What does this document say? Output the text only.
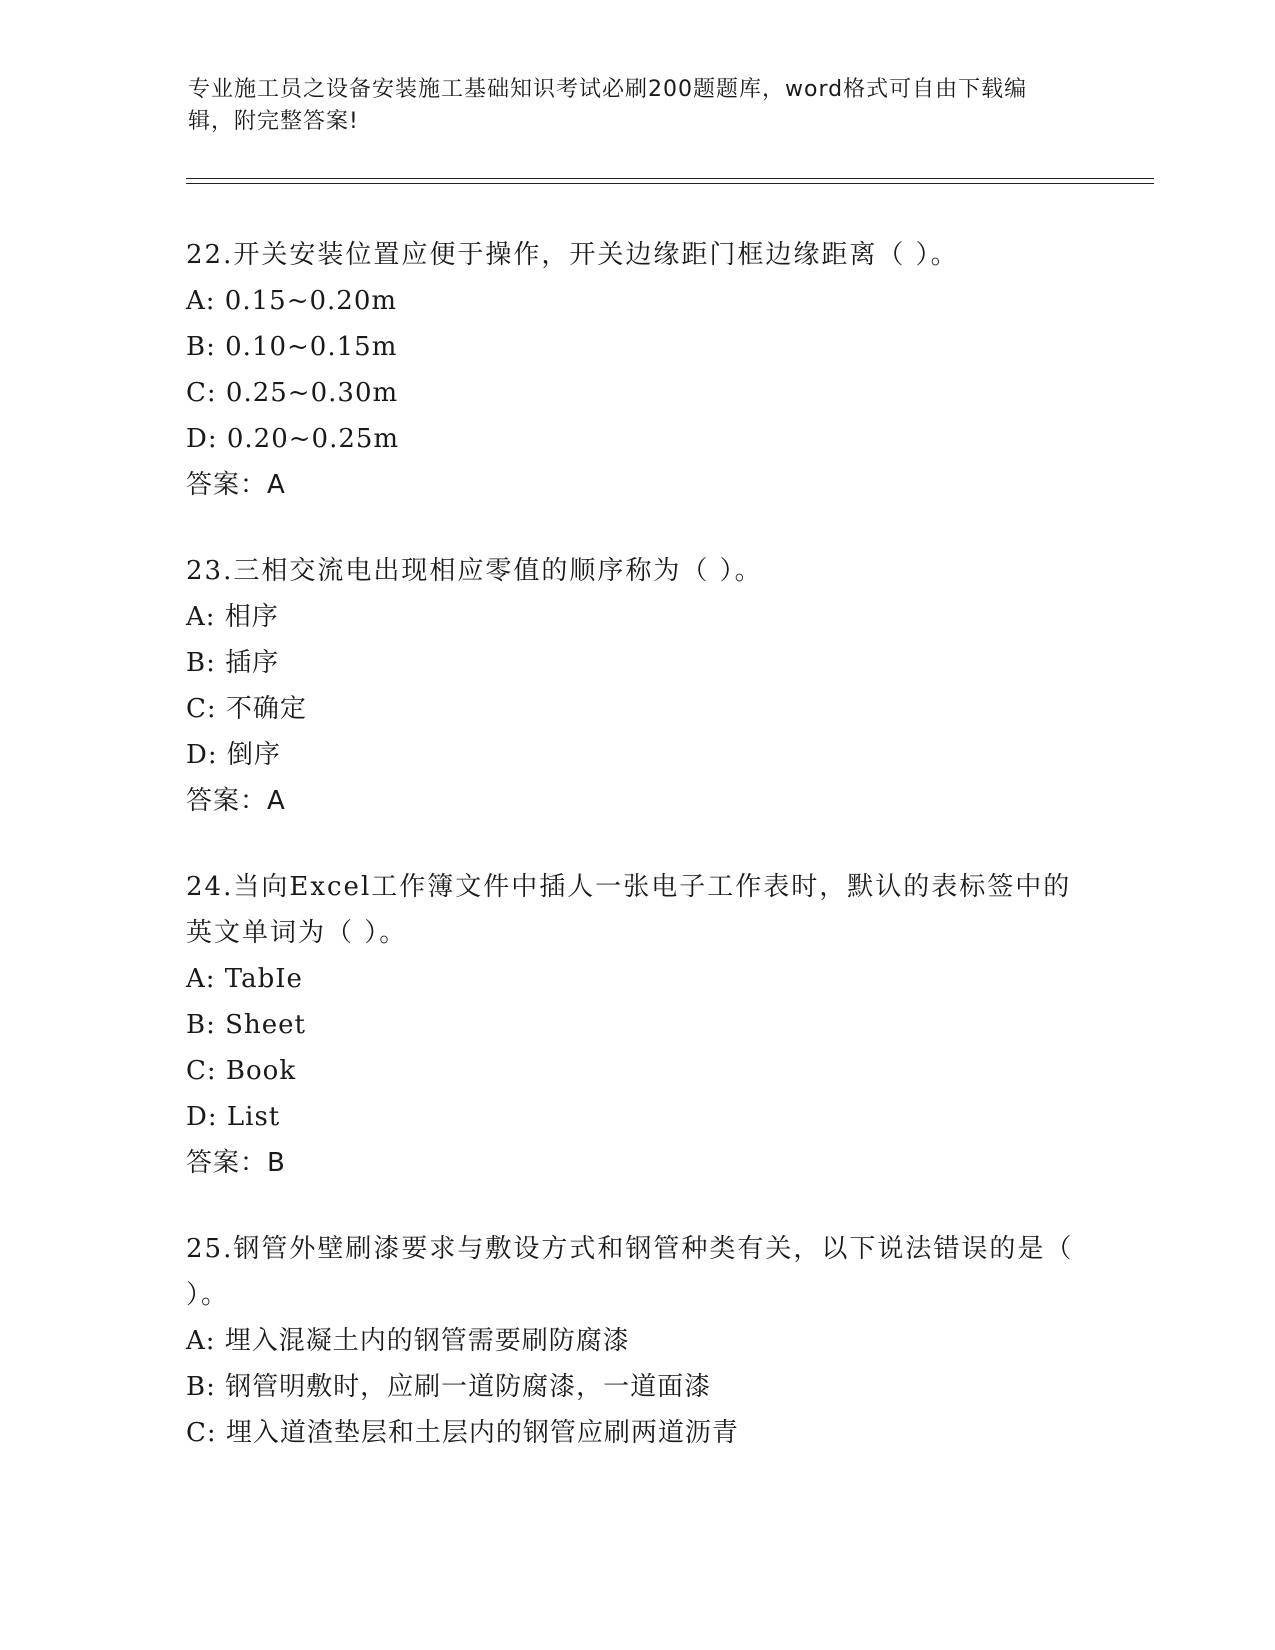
专业施工员之设备安装施工基础知识考试必刷200题题库，word格式可自由下载编辑，附完整答案!

22.开关安装位置应便于操作，开关边缘距门框边缘距离（ ）。

A: 0.15~0.20m

B: 0.10~0.15m

C: 0.25~0.30m

D: 0.20~0.25m

答案：A

23.三相交流电出现相应零值的顺序称为（ ）。

A: 相序

B: 插序

C: 不确定

D: 倒序

答案：A

24.当向Excel工作簿文件中插人一张电子工作表时，默认的表标签中的英文单词为（ ）。

A: TabIe

B: Sheet

C: Book

D: List

答案：B

25.钢管外壁刷漆要求与敷设方式和钢管种类有关，以下说法错误的是（ ）。

A: 埋入混凝土内的钢管需要刷防腐漆

B: 钢管明敷时，应刷一道防腐漆，一道面漆

C: 埋入道渣垫层和土层内的钢管应刷两道沥青
